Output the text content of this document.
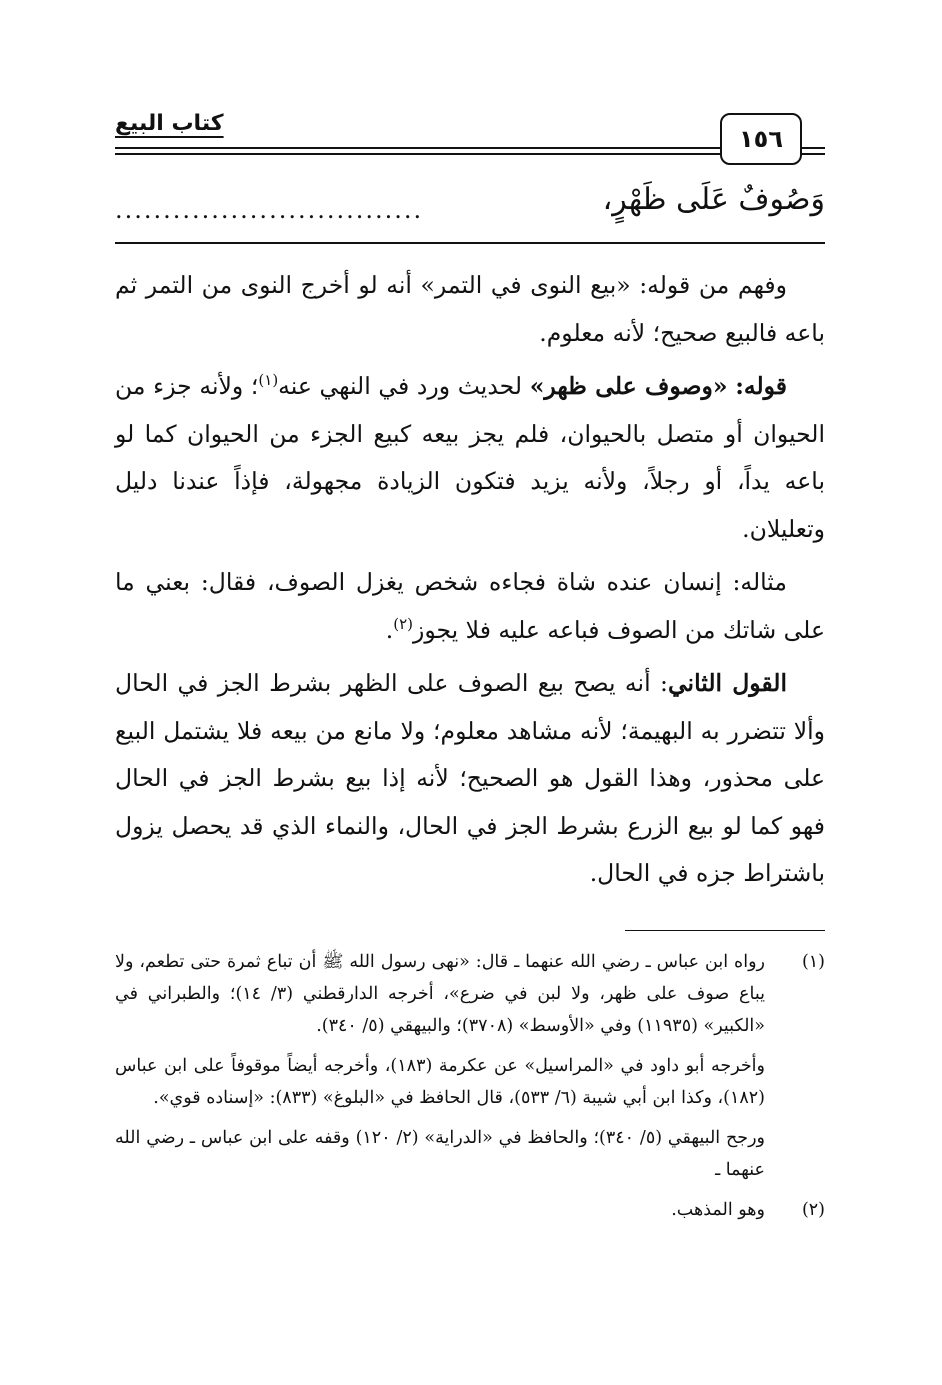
كتاب البيع
١٥٦
وَصُوفٌ عَلَى ظَهْرٍ،
................................

وفهم من قوله: «بيع النوى في التمر» أنه لو أخرج النوى من التمر ثم باعه فالبيع صحيح؛ لأنه معلوم.

قوله: «وصوف على ظهر» لحديث ورد في النهي عنه$^{(١)}$؛ ولأنه جزء من الحيوان أو متصل بالحيوان، فلم يجز بيعه كبيع الجزء من الحيوان كما لو باعه يداً، أو رجلاً، ولأنه يزيد فتكون الزيادة مجهولة، فإذاً عندنا دليل وتعليلان.

مثاله: إنسان عنده شاة فجاءه شخص يغزل الصوف، فقال: بعني ما على شاتك من الصوف فباعه عليه فلا يجوز$^{(٢)}$.

القول الثاني: أنه يصح بيع الصوف على الظهر بشرط الجز في الحال وألا تتضرر به البهيمة؛ لأنه مشاهد معلوم؛ ولا مانع من بيعه فلا يشتمل البيع على محذور، وهذا القول هو الصحيح؛ لأنه إذا بيع بشرط الجز في الحال فهو كما لو بيع الزرع بشرط الجز في الحال، والنماء الذي قد يحصل يزول باشتراط جزه في الحال.

(١)
رواه ابن عباس ـ رضي الله عنهما ـ قال: «نهى رسول الله ﷺ أن تباع ثمرة حتى تطعم، ولا يباع صوف على ظهر، ولا لبن في ضرع»، أخرجه الدارقطني (٣/ ١٤)؛ والطبراني في «الكبير» (١١٩٣٥) وفي «الأوسط» (٣٧٠٨)؛ والبيهقي (٥/ ٣٤٠).
وأخرجه أبو داود في «المراسيل» عن عكرمة (١٨٣)، وأخرجه أيضاً موقوفاً على ابن عباس (١٨٢)، وكذا ابن أبي شيبة (٦/ ٥٣٣)، قال الحافظ في «البلوغ» (٨٣٣): «إسناده قوي».
ورجح البيهقي (٥/ ٣٤٠)؛ والحافظ في «الدراية» (٢/ ١٢٠) وقفه على ابن عباس ـ رضي الله عنهما ـ
(٢)
وهو المذهب.
